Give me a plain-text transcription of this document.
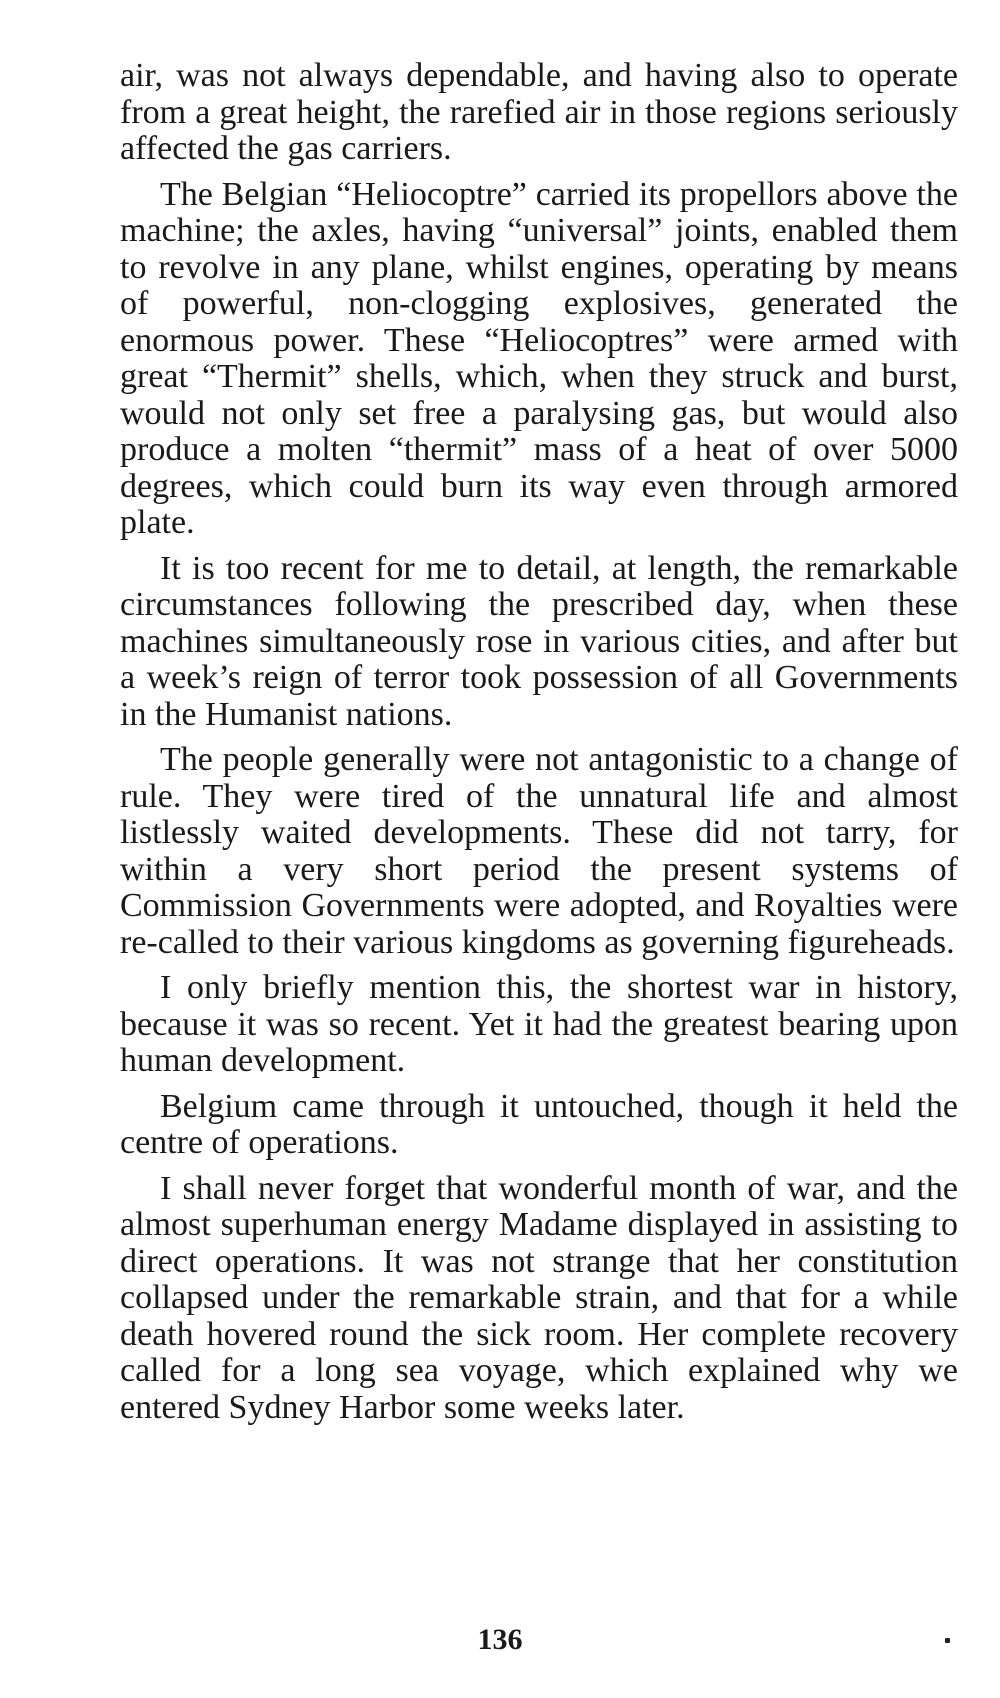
air, was not always dependable, and having also to operate from a great height, the rarefied air in those regions seriously affected the gas carriers.

The Belgian “Heliocoptre” carried its propellors above the machine; the axles, having “universal” joints, enabled them to revolve in any plane, whilst engines, operating by means of powerful, non-clogging explosives, generated the enormous power. These “Heliocoptres” were armed with great “Thermit” shells, which, when they struck and burst, would not only set free a paralysing gas, but would also produce a molten “thermit” mass of a heat of over 5000 degrees, which could burn its way even through armored plate.

It is too recent for me to detail, at length, the remarkable circumstances following the prescribed day, when these machines simultaneously rose in various cities, and after but a week’s reign of terror took possession of all Governments in the Humanist nations.

The people generally were not antagonistic to a change of rule. They were tired of the unnatural life and almost listlessly waited developments. These did not tarry, for within a very short period the present systems of Commission Governments were adopted, and Royalties were re-called to their various kingdoms as governing figureheads.

I only briefly mention this, the shortest war in history, because it was so recent. Yet it had the greatest bearing upon human development.

Belgium came through it untouched, though it held the centre of operations.

I shall never forget that wonderful month of war, and the almost superhuman energy Madame displayed in assisting to direct operations. It was not strange that her constitution collapsed under the remarkable strain, and that for a while death hovered round the sick room. Her complete recovery called for a long sea voyage, which explained why we entered Sydney Harbor some weeks later.

136
